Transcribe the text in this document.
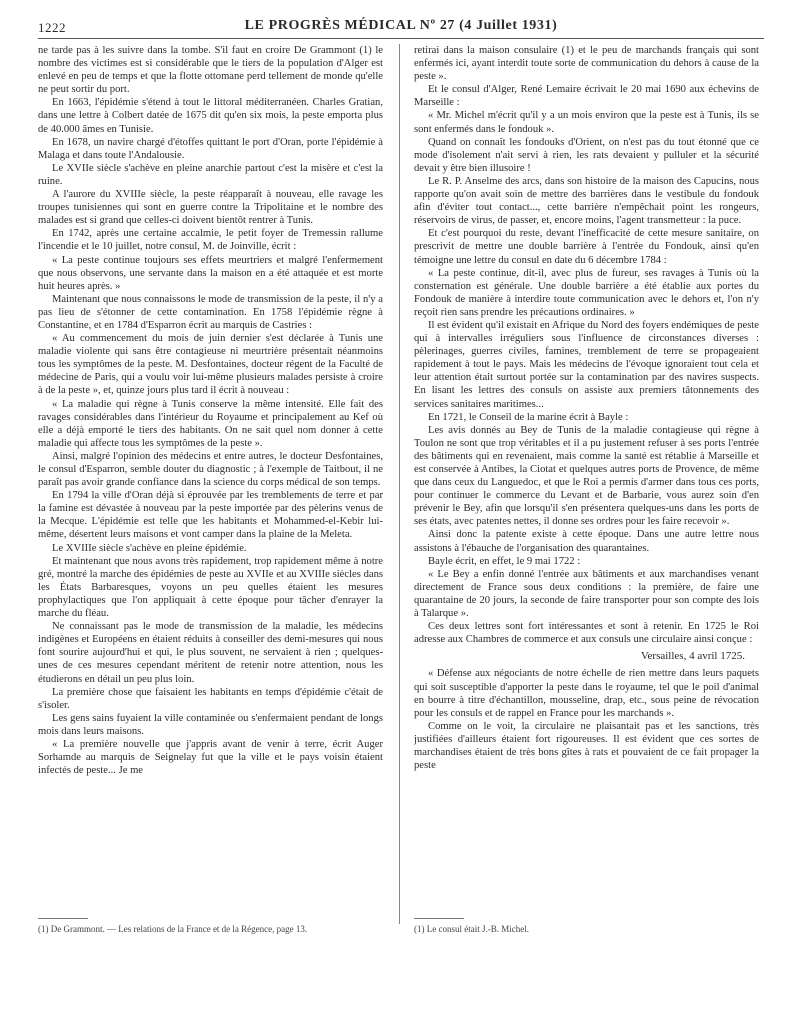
1222	LE PROGRÈS MÉDICAL Nº 27 (4 Juillet 1931)

ne tarde pas à les suivre dans la tombe. S'il faut en croire De Grammont (1) le nombre des victimes est si considérable que le tiers de la population d'Alger est enlevé en peu de temps et que la flotte ottomane perd tellement de monde qu'elle ne peut sortir du port.

En 1663, l'épidémie s'étend à tout le littoral méditerranéen. Charles Gratian, dans une lettre à Colbert datée de 1675 dit qu'en six mois, la peste emporta plus de 40.000 âmes en Tunisie.

En 1678, un navire chargé d'étoffes quittant le port d'Oran, porte l'épidémie à Malaga et dans toute l'Andalousie.

Le XVIIe siècle s'achève en pleine anarchie partout c'est la misère et c'est la ruine.

A l'aurore du XVIIIe siècle, la peste réapparaît à nouveau, elle ravage les troupes tunisiennes qui sont en guerre contre la Tripolitaine et le nombre des malades est si grand que celles-ci doivent bientôt rentrer à Tunis.

En 1742, après une certaine accalmie, le petit foyer de Tremessin rallume l'incendie et le 10 juillet, notre consul, M. de Joinville, écrit :

« La peste continue toujours ses effets meurtriers et malgré l'enfermement que nous observons, une servante dans la maison en a été attaquée et est morte huit heures après. »

Maintenant que nous connaissons le mode de transmission de la peste, il n'y a pas lieu de s'étonner de cette contamination. En 1758 l'épidémie règne à Constantine, et en 1784 d'Esparron écrit au marquis de Castries :

« Au commencement du mois de juin dernier s'est déclarée à Tunis une maladie violente qui sans être contagieuse ni meurtrière présentait néanmoins tous les symptômes de la peste. M. Desfontaines, docteur régent de la Faculté de médecine de Paris, qui a voulu voir lui-même plusieurs malades persiste à croire à de la peste », et, quinze jours plus tard il écrit à nouveau :

« La maladie qui règne à Tunis conserve la même intensité. Elle fait des ravages considérables dans l'intérieur du Royaume et principalement au Kef où elle a déjà emporté le tiers des habitants. On ne sait quel nom donner à cette maladie qui affecte tous les symptômes de la peste ».

Ainsi, malgré l'opinion des médecins et entre autres, le docteur Desfontaines, le consul d'Esparron, semble douter du diagnostic ; à l'exemple de Taitbout, il ne paraît pas avoir grande confiance dans la science du corps médical de son temps.

En 1794 la ville d'Oran déjà si éprouvée par les tremblements de terre et par la famine est dévastée à nouveau par la peste importée par des pèlerins venus de la Mecque. L'épidémie est telle que les habitants et Mohammed-el-Kebir lui-même, désertent leurs maisons et vont camper dans la plaine de la Meleta.

Le XVIIIe siècle s'achève en pleine épidémie.

Et maintenant que nous avons très rapidement, trop rapidement même à notre gré, montré la marche des épidémies de peste au XVIIe et au XVIIIe siècles dans les États Barbaresques, voyons un peu quelles étaient les mesures prophylactiques que l'on appliquait à cette époque pour tâcher d'enrayer la marche du fléau.

Ne connaissant pas le mode de transmission de la maladie, les médecins indigènes et Européens en étaient réduits à conseiller des demi-mesures qui nous font sourire aujourd'hui et qui, le plus souvent, ne servaient à rien ; quelques-unes de ces mesures cependant méritent de retenir notre attention, nous les étudierons en détail un peu plus loin.

La première chose que faisaient les habitants en temps d'épidémie c'était de s'isoler.

Les gens sains fuyaient la ville contaminée ou s'enfermaient pendant de longs mois dans leurs maisons.

« La première nouvelle que j'appris avant de venir à terre, écrit Auger Sorhamde au marquis de Seignelay fut que la ville et le pays voisin étaient infectés de peste... Je me

retirai dans la maison consulaire (1) et le peu de marchands français qui sont enfermés ici, ayant interdit toute sorte de communication du dehors à cause de la peste ».

Et le consul d'Alger, René Lemaire écrivait le 20 mai 1690 aux échevins de Marseille :

« Mr. Michel m'écrit qu'il y a un mois environ que la peste est à Tunis, ils se sont enfermés dans le fondouk ».

Quand on connaît les fondouks d'Orient, on n'est pas du tout étonné que ce mode d'isolement n'ait servi à rien, les rats devaient y pulluler et la sécurité devait y être bien illusoire !

Le R. P. Anselme des arcs, dans son histoire de la maison des Capucins, nous rapporte qu'on avait soin de mettre des barrières dans le vestibule du fondouk afin d'éviter tout contact..., cette barrière n'empêchait point les rongeurs, réservoirs de virus, de passer, et, encore moins, l'agent transmetteur : la puce.

Et c'est pourquoi du reste, devant l'inefficacité de cette mesure sanitaire, on prescrivit de mettre une double barrière à l'entrée du Fondouk, ainsi qu'en témoigne une lettre du consul en date du 6 décembre 1784 :

« La peste continue, dit-il, avec plus de fureur, ses ravages à Tunis où la consternation est générale. Une double barrière a été établie aux portes du Fondouk de manière à interdire toute communication avec le dehors et, l'on n'y reçoit rien sans prendre les précautions ordinaires. »

Il est évident qu'il existait en Afrique du Nord des foyers endémiques de peste qui à intervalles irréguliers sous l'influence de circonstances diverses : pèlerinages, guerres civiles, famines, tremblement de terre se propageaient rapidement à tout le pays. Mais les médecins de l'évoque ignoraient tout cela et leur attention était surtout portée sur la contamination par des navires suspects. En lisant les lettres des consuls on assiste aux premiers tâtonnements des services sanitaires maritimes...

En 1721, le Conseil de la marine écrit à Bayle :

Les avis donnés au Bey de Tunis de la maladie contagieuse qui règne à Toulon ne sont que trop véritables et il a pu justement refuser à ses ports l'entrée des bâtiments qui en revenaient, mais comme la santé est rétablie à Marseille et est conservée à Antibes, la Ciotat et quelques autres ports de Provence, de même que dans ceux du Languedoc, et que le Roi a permis d'armer dans tous ces ports, pour continuer le commerce du Levant et de Barbarie, vous aurez soin d'en prévenir le Bey, afin que lorsqu'il s'en présentera quelques-uns dans les ports de ses états, avec patentes nettes, il donne ses ordres pour les faire recevoir ».

Ainsi donc la patente existe à cette époque. Dans une autre lettre nous assistons à l'ébauche de l'organisation des quarantaines.

Bayle écrit, en effet, le 9 mai 1722 :

« Le Bey a enfin donné l'entrée aux bâtiments et aux marchandises venant directement de France sous deux conditions : la première, de faire une quarantaine de 20 jours, la seconde de faire transporter pour son compte des lois à Talarque ».

Ces deux lettres sont fort intéressantes et sont à retenir. En 1725 le Roi adresse aux Chambres de commerce et aux consuls une circulaire ainsi conçue :

Versailles, 4 avril 1725.

« Défense aux négociants de notre échelle de rien mettre dans leurs paquets qui soit susceptible d'apporter la peste dans le royaume, tel que le poil d'animal en bourre à titre d'échantillon, mousseline, drap, etc., sous peine de révocation pour les consuls et de rappel en France pour les marchands ».

Comme on le voit, la circulaire ne plaisantait pas et les sanctions, très justifiées d'ailleurs étaient fort rigoureuses. Il est évident que ces sortes de marchandises étaient de très bons gîtes à rats et pouvaient de ce fait propager la peste

(1) De Grammont. — Les relations de la France et de la Régence, page 13.	(1) Le consul était J.-B. Michel.
